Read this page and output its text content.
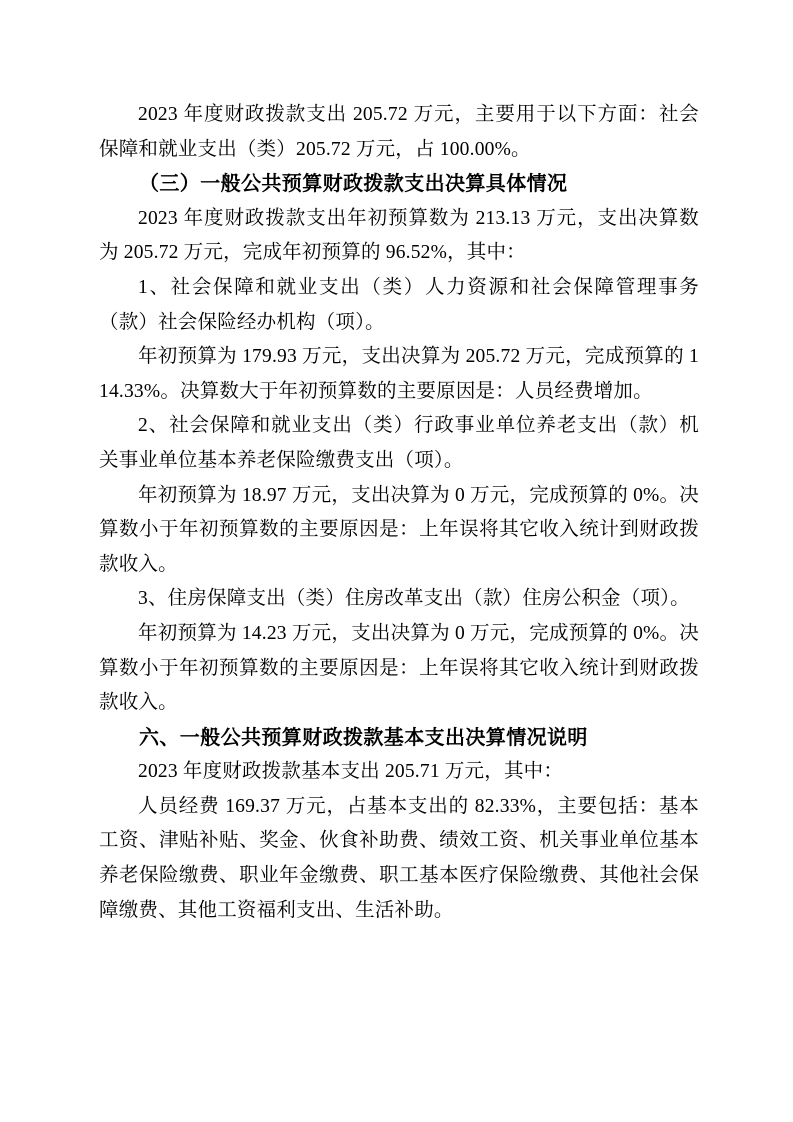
2023 年度财政拨款支出 205.72 万元，主要用于以下方面：社会保障和就业支出（类）205.72 万元，占 100.00%。

（三）一般公共预算财政拨款支出决算具体情况

2023 年度财政拨款支出年初预算数为 213.13 万元，支出决算数为 205.72 万元，完成年初预算的 96.52%，其中：

1、社会保障和就业支出（类）人力资源和社会保障管理事务（款）社会保险经办机构（项）。

年初预算为 179.93 万元，支出决算为 205.72 万元，完成预算的 114.33%。决算数大于年初预算数的主要原因是：人员经费增加。

2、社会保障和就业支出（类）行政事业单位养老支出（款）机关事业单位基本养老保险缴费支出（项）。

年初预算为 18.97 万元，支出决算为 0 万元，完成预算的 0%。决算数小于年初预算数的主要原因是：上年误将其它收入统计到财政拨款收入。

3、住房保障支出（类）住房改革支出（款）住房公积金（项）。

年初预算为 14.23 万元，支出决算为 0 万元，完成预算的 0%。决算数小于年初预算数的主要原因是：上年误将其它收入统计到财政拨款收入。

六、一般公共预算财政拨款基本支出决算情况说明

2023 年度财政拨款基本支出 205.71 万元，其中：

人员经费 169.37 万元，占基本支出的 82.33%，主要包括：基本工资、津贴补贴、奖金、伙食补助费、绩效工资、机关事业单位基本养老保险缴费、职业年金缴费、职工基本医疗保险缴费、其他社会保障缴费、其他工资福利支出、生活补助。
